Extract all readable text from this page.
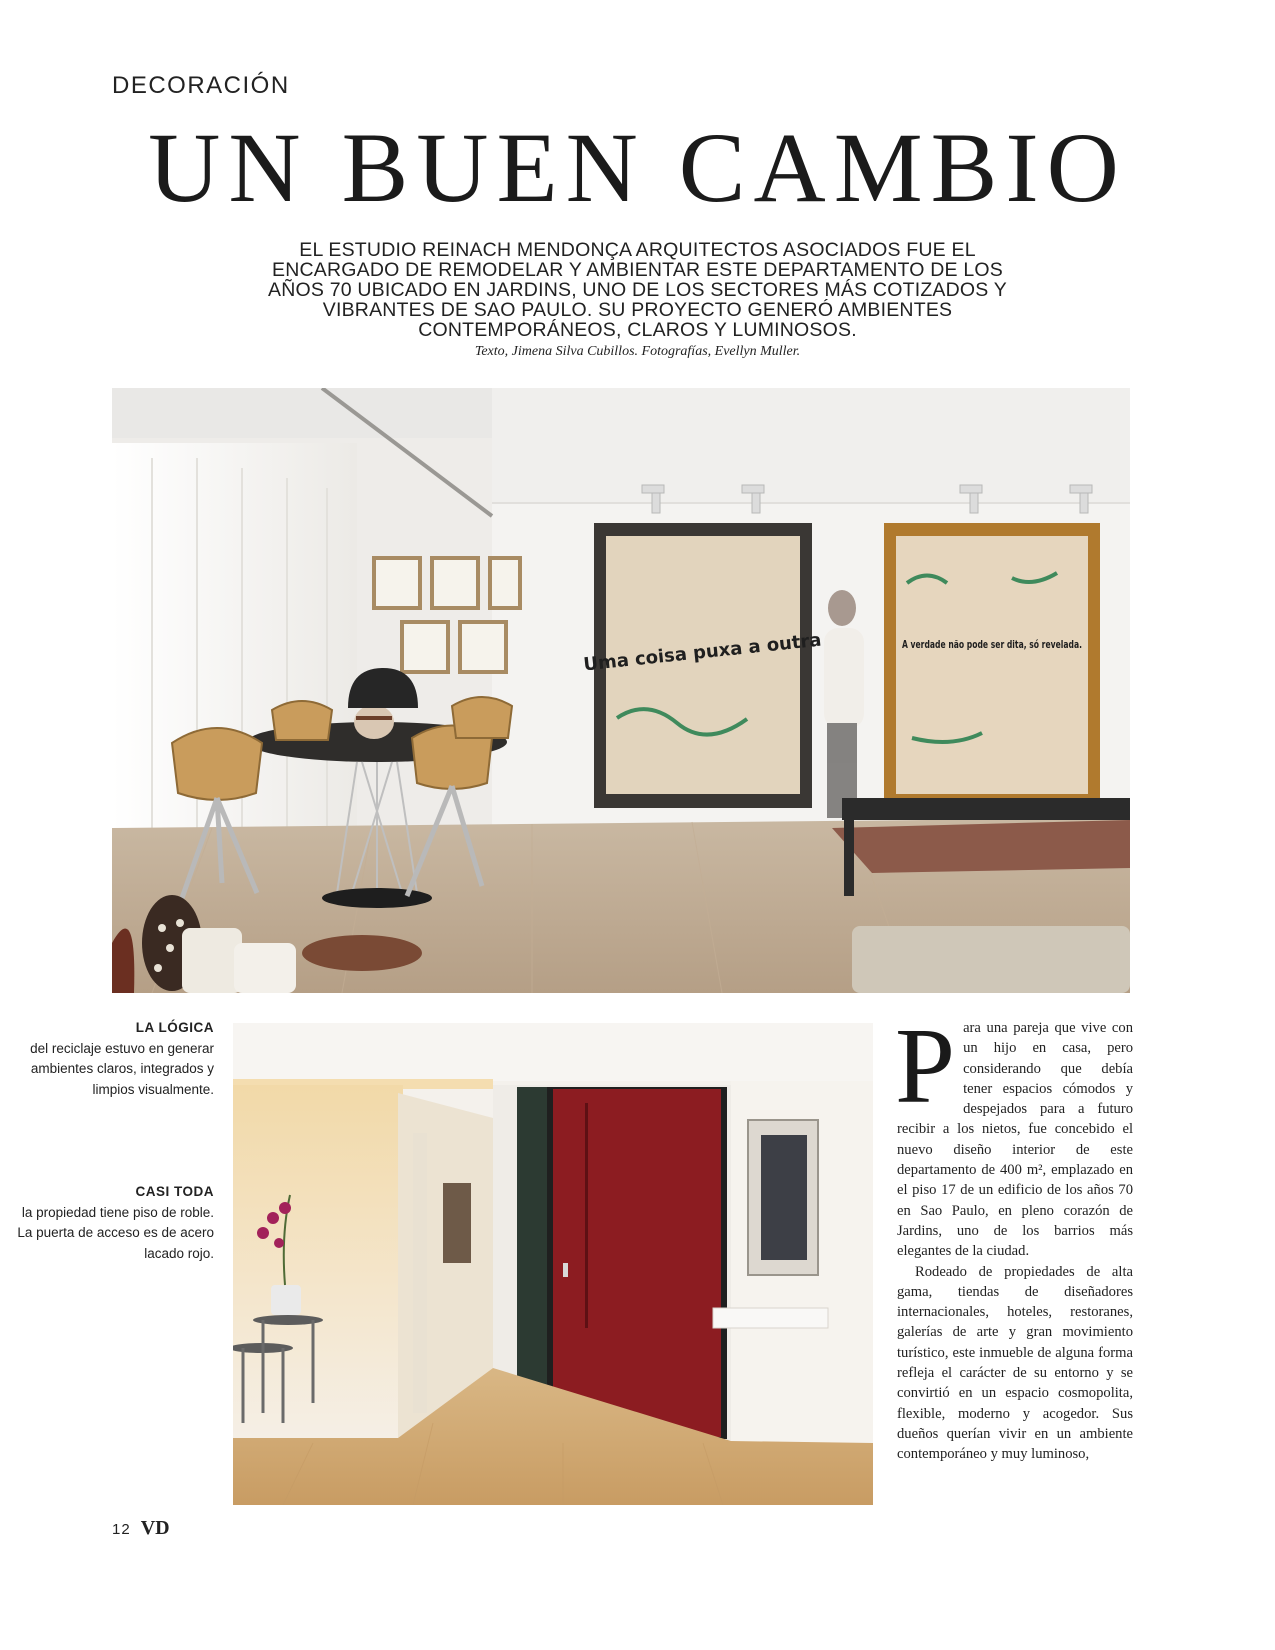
DECORACIÓN
UN BUEN CAMBIO
EL ESTUDIO REINACH MENDONÇA ARQUITECTOS ASOCIADOS FUE EL ENCARGADO DE REMODELAR Y AMBIENTAR ESTE DEPARTAMENTO DE LOS AÑOS 70 UBICADO EN JARDINS, UNO DE LOS SECTORES MÁS COTIZADOS Y VIBRANTES DE SAO PAULO. SU PROYECTO GENERÓ AMBIENTES CONTEMPORÁNEOS, CLAROS Y LUMINOSOS.
Texto, Jimena Silva Cubillos. Fotografías, Evellyn Muller.
Uma coisa puxa a outra	A verdade não pode ser dita, só revelada.
LA LÓGICA
del reciclaje estuvo en generar ambientes claros, integrados y limpios visualmente.
CASI TODA
la propiedad tiene piso de roble. La puerta de acceso es de acero lacado rojo.

Para una pareja que vive con un hijo en casa, pero considerando que debía tener espacios cómodos y despejados para a futuro recibir a los nietos, fue concebido el nuevo diseño interior de este departamento de 400 m², emplazado en el piso 17 de un edificio de los años 70 en Sao Paulo, en pleno corazón de Jardins, uno de los barrios más elegantes de la ciudad.

Rodeado de propiedades de alta gama, tiendas de diseñadores internacionales, hoteles, restoranes, galerías de arte y gran movimiento turístico, este inmueble de alguna forma refleja el carácter de su entorno y se convirtió en un espacio cosmopolita, flexible, moderno y acogedor. Sus dueños querían vivir en un ambiente contemporáneo y muy luminoso,

12 VD
